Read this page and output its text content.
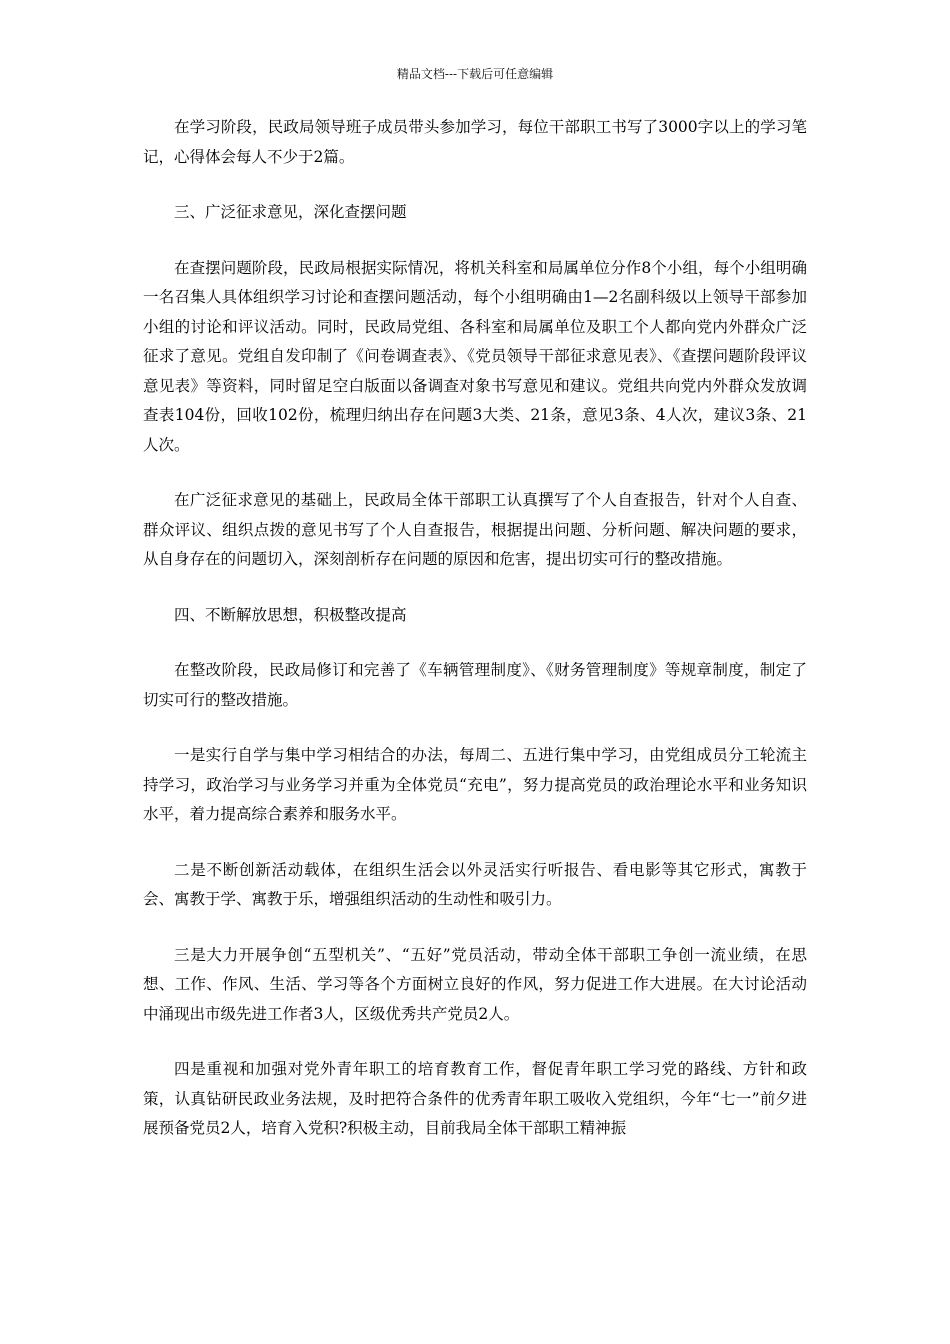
精品文档---下载后可任意编辑

在学习阶段，民政局领导班子成员带头参加学习，每位干部职工书写了3000字以上的学习笔记，心得体会每人不少于2篇。

三、广泛征求意见，深化查摆问题

在查摆问题阶段，民政局根据实际情况，将机关科室和局属单位分作8个小组，每个小组明确一名召集人具体组织学习讨论和查摆问题活动，每个小组明确由1—2名副科级以上领导干部参加小组的讨论和评议活动。同时，民政局党组、各科室和局属单位及职工个人都向党内外群众广泛征求了意见。党组自发印制了《问卷调查表》、《党员领导干部征求意见表》、《查摆问题阶段评议意见表》等资料，同时留足空白版面以备调查对象书写意见和建议。党组共向党内外群众发放调查表104份，回收102份，梳理归纳出存在问题3大类、21条，意见3条、4人次，建议3条、21人次。

在广泛征求意见的基础上，民政局全体干部职工认真撰写了个人自查报告，针对个人自查、群众评议、组织点拨的意见书写了个人自查报告，根据提出问题、分析问题、解决问题的要求，从自身存在的问题切入，深刻剖析存在问题的原因和危害，提出切实可行的整改措施。

四、不断解放思想，积极整改提高

在整改阶段，民政局修订和完善了《车辆管理制度》、《财务管理制度》等规章制度，制定了切实可行的整改措施。

一是实行自学与集中学习相结合的办法，每周二、五进行集中学习，由党组成员分工轮流主持学习，政治学习与业务学习并重为全体党员“充电”，努力提高党员的政治理论水平和业务知识水平，着力提高综合素养和服务水平。

二是不断创新活动载体，在组织生活会以外灵活实行听报告、看电影等其它形式，寓教于会、寓教于学、寓教于乐，增强组织活动的生动性和吸引力。

三是大力开展争创“五型机关”、“五好”党员活动，带动全体干部职工争创一流业绩，在思想、工作、作风、生活、学习等各个方面树立良好的作风，努力促进工作大进展。在大讨论活动中涌现出市级先进工作者3人，区级优秀共产党员2人。

四是重视和加强对党外青年职工的培育教育工作，督促青年职工学习党的路线、方针和政策，认真钻研民政业务法规，及时把符合条件的优秀青年职工吸收入党组织，今年“七一”前夕进展预备党员2人，培育入党积?积极主动，目前我局全体干部职工精神振
